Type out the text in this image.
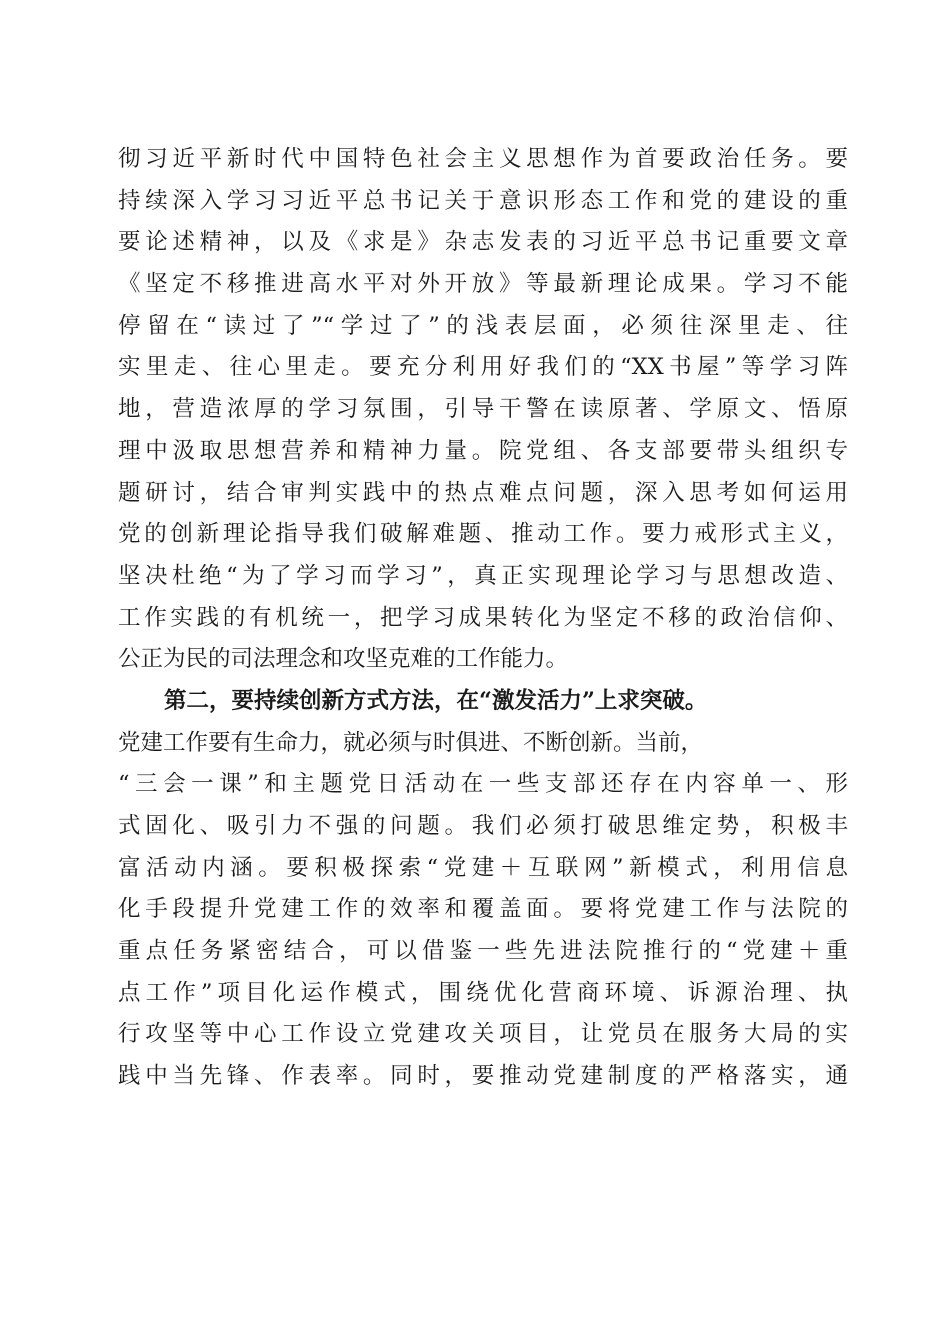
彻习近平新时代中国特色社会主义思想作为首要政治任务。要
持续深入学习习近平总书记关于意识形态工作和党的建设的重
要论述精神，以及《求是》杂志发表的习近平总书记重要文章
《坚定不移推进高水平对外开放》等最新理论成果。学习不能
停留在“读过了”“学过了”的浅表层面，必须往深里走、往
实里走、往心里走。要充分利用好我们的“XX书屋”等学习阵
地，营造浓厚的学习氛围，引导干警在读原著、学原文、悟原
理中汲取思想营养和精神力量。院党组、各支部要带头组织专
题研讨，结合审判实践中的热点难点问题，深入思考如何运用
党的创新理论指导我们破解难题、推动工作。要力戒形式主义，
坚决杜绝“为了学习而学习”，真正实现理论学习与思想改造、
工作实践的有机统一，把学习成果转化为坚定不移的政治信仰、
公正为民的司法理念和攻坚克难的工作能力。
第二，要持续创新方式方法，在“激发活力”上求突破。
党建工作要有生命力，就必须与时俱进、不断创新。当前，
“三会一课”和主题党日活动在一些支部还存在内容单一、形
式固化、吸引力不强的问题。我们必须打破思维定势，积极丰
富活动内涵。要积极探索“党建＋互联网”新模式，利用信息
化手段提升党建工作的效率和覆盖面。要将党建工作与法院的
重点任务紧密结合，可以借鉴一些先进法院推行的“党建＋重
点工作”项目化运作模式，围绕优化营商环境、诉源治理、执
行攻坚等中心工作设立党建攻关项目，让党员在服务大局的实
践中当先锋、作表率。同时，要推动党建制度的严格落实，通
